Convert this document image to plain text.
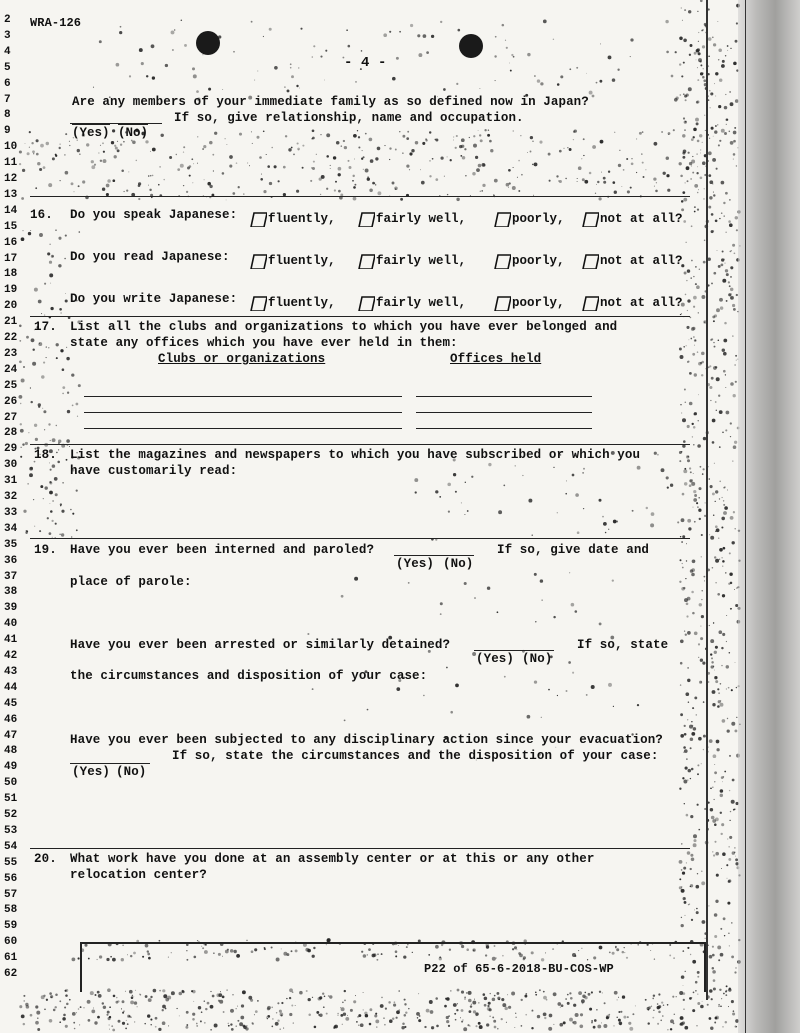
2
3
4
5
6
7
8
9
10
11
12
13
14
15
16
17
18
19
20
21
22
23
24
25
26
27
28
29
30
31
32
33
34
35
36
37
38
39
40
41
42
43
44
45
46
47
48
49
50
51
52
53
54
55
56
57
58
59
60
61
62
WRA-126
- 4 -
Are any members of your immediate family as so defined now in Japan?
If so, give relationship, name and occupation.
(Yes) (No)
16. Do you speak Japanese: fluently,	fairly well,	poorly,	not at all?
Do you read Japanese:	fluently,	fairly well,	poorly,	not at all?
Do you write Japanese: fluently,	fairly well,	poorly,	not at all?
17. List all the clubs and organizations to which you have ever belonged and
state any offices which you have ever held in them:
Clubs or organizations	Offices held
18. List the magazines and newspapers to which you have subscribed or which you
have customarily read:
19. Have you ever been interned and paroled?
(Yes) (No)
If so, give date and
place of parole:
Have you ever been arrested or similarly detained?
(Yes) (No)
If so, state
the circumstances and disposition of your case:
Have you ever been subjected to any disciplinary action since your evacuation?
(Yes) (No)
If so, state the circumstances and the disposition of your case:
20. What work have you done at an assembly center or at this or any other
relocation center?
P22 of 65-6-2018-BU-COS-WP
